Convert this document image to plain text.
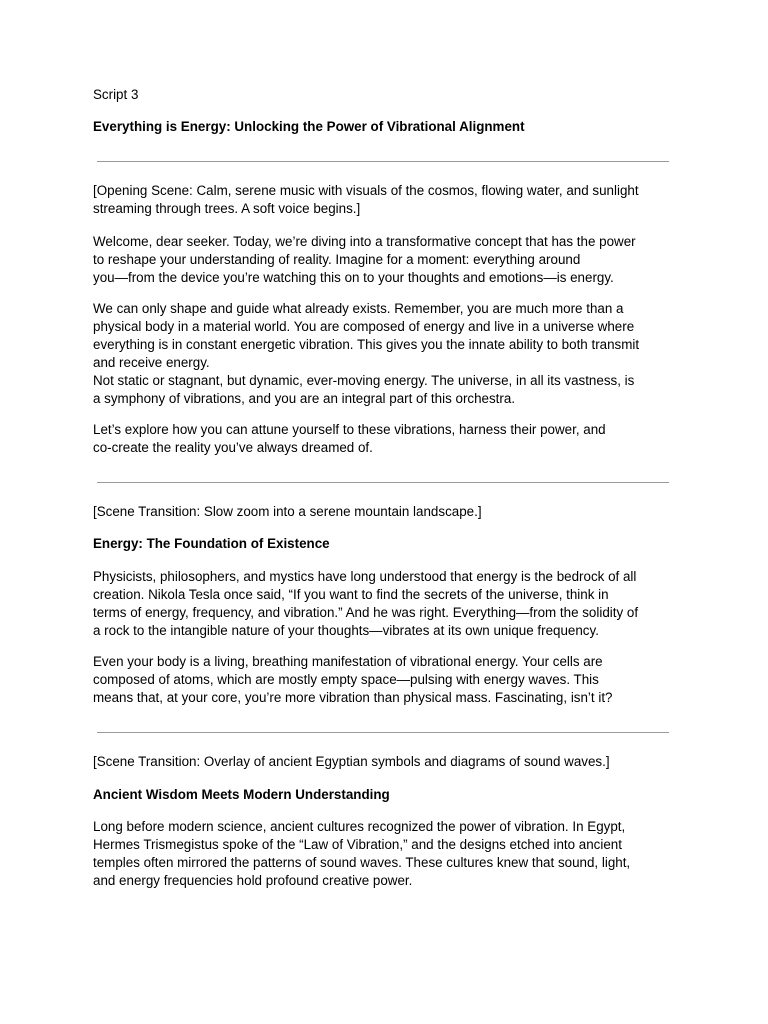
Script 3

Everything is Energy: Unlocking the Power of Vibrational Alignment

[Opening Scene: Calm, serene music with visuals of the cosmos, flowing water, and sunlight
streaming through trees. A soft voice begins.]

Welcome, dear seeker. Today, we’re diving into a transformative concept that has the power
to reshape your understanding of reality. Imagine for a moment: everything around
you—from the device you’re watching this on to your thoughts and emotions—is energy.

We can only shape and guide what already exists. Remember, you are much more than a
physical body in a material world. You are composed of energy and live in a universe where
everything is in constant energetic vibration. This gives you the innate ability to both transmit
and receive energy.
Not static or stagnant, but dynamic, ever-moving energy. The universe, in all its vastness, is
a symphony of vibrations, and you are an integral part of this orchestra.

Let’s explore how you can attune yourself to these vibrations, harness their power, and
co-create the reality you’ve always dreamed of.

[Scene Transition: Slow zoom into a serene mountain landscape.]

Energy: The Foundation of Existence

Physicists, philosophers, and mystics have long understood that energy is the bedrock of all
creation. Nikola Tesla once said, “If you want to find the secrets of the universe, think in
terms of energy, frequency, and vibration.” And he was right. Everything—from the solidity of
a rock to the intangible nature of your thoughts—vibrates at its own unique frequency.

Even your body is a living, breathing manifestation of vibrational energy. Your cells are
composed of atoms, which are mostly empty space—pulsing with energy waves. This
means that, at your core, you’re more vibration than physical mass. Fascinating, isn’t it?

[Scene Transition: Overlay of ancient Egyptian symbols and diagrams of sound waves.]

Ancient Wisdom Meets Modern Understanding

Long before modern science, ancient cultures recognized the power of vibration. In Egypt,
Hermes Trismegistus spoke of the “Law of Vibration,” and the designs etched into ancient
temples often mirrored the patterns of sound waves. These cultures knew that sound, light,
and energy frequencies hold profound creative power.
